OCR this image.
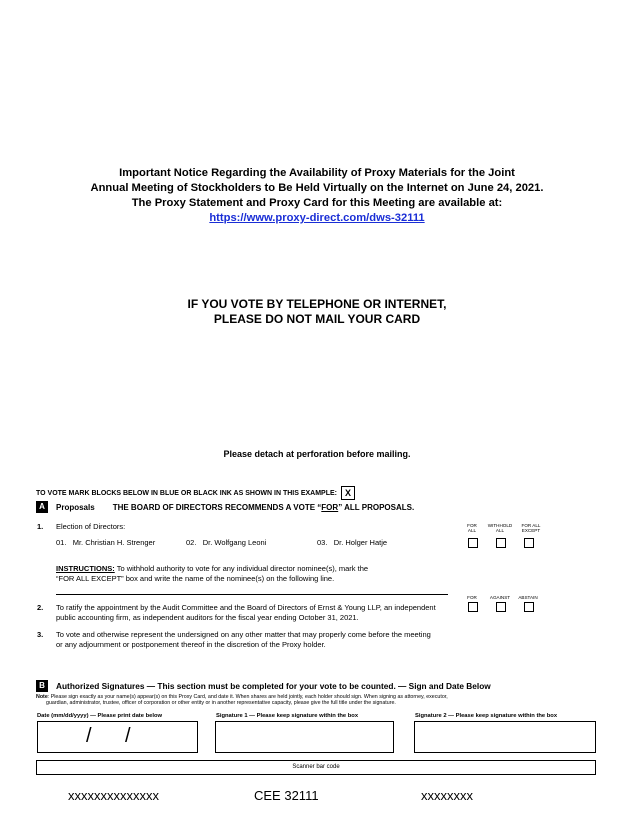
Important Notice Regarding the Availability of Proxy Materials for the Joint
Annual Meeting of Stockholders to Be Held Virtually on the Internet on June 24, 2021.
The Proxy Statement and Proxy Card for this Meeting are available at:
https://www.proxy-direct.com/dws-32111
IF YOU VOTE BY TELEPHONE OR INTERNET,
PLEASE DO NOT MAIL YOUR CARD
Please detach at perforation before mailing.
TO VOTE MARK BLOCKS BELOW IN BLUE OR BLACK INK AS SHOWN IN THIS EXAMPLE: X
A	Proposals THE BOARD OF DIRECTORS RECOMMENDS A VOTE “FOR” ALL PROPOSALS.
1. Election of Directors:
01. Mr. Christian H. Strenger	02. Dr. Wolfgang Leoni	03. Dr. Holger Hatje
FOR
ALL
WITHHOLD
ALL
FOR ALL
EXCEPT
INSTRUCTIONS: To withhold authority to vote for any individual director nominee(s), mark the
“FOR ALL EXCEPT” box and write the name of the nominee(s) on the following line.
FOR	AGAINST	ABSTAIN
2. To ratify the appointment by the Audit Committee and the Board of Directors of Ernst & Young LLP, an independent
public accounting firm, as independent auditors for the fiscal year ending October 31, 2021.
3. To vote and otherwise represent the undersigned on any other matter that may properly come before the meeting
or any adjournment or postponement thereof in the discretion of the Proxy holder.
B	Authorized Signatures — This section must be completed for your vote to be counted. — Sign and Date Below
Note: Please sign exactly as your name(s) appear(s) on this Proxy Card, and date it. When shares are held jointly, each holder should sign. When signing as attorney, executor,
guardian, administrator, trustee, officer of corporation or other entity or in another representative capacity, please give the full title under the signature.
Date (mm/dd/yyyy) — Please print date below	Signature 1 — Please keep signature within the box	Signature 2 — Please keep signature within the box
/ /
Scanner bar code
xxxxxxxxxxxxxx	CEE 32111	xxxxxxxx
